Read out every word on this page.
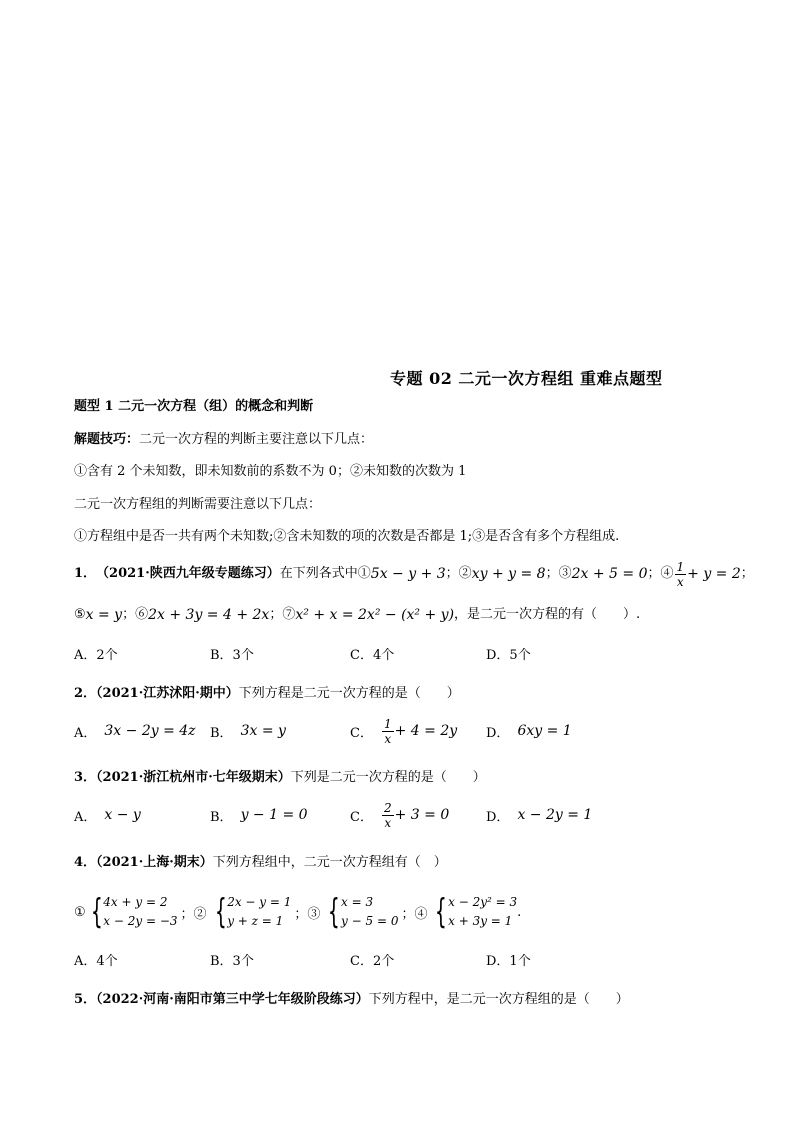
专题 02 二元一次方程组 重难点题型
题型 1 二元一次方程（组）的概念和判断
解题技巧：二元一次方程的判断主要注意以下几点：
①含有 2 个未知数，即未知数前的系数不为 0；②未知数的次数为 1
二元一次方程组的判断需要注意以下几点：
①方程组中是否一共有两个未知数;②含未知数的项的次数是否都是 1;③是否含有多个方程组成.
1． （2021·陕西九年级专题练习） 在下列各式中① 5x − y + 3 ；② xy + y = 8 ；③ 2x + 5 = 0 ；④ $\frac{1}{x} + y = 2$ ；
⑤ x = y ；⑥ 2x + 3y = 4 + 2x ；⑦ x² + x = 2x² − (x² + y) ，是二元一次方程的有（　　）.
A．2个	B．3个	C．4个	D．5个
2．（2021·江苏沭阳·期中）下列方程是二元一次方程的是（　　）
A． 3x − 2y = 4z B． 3x = y	C． $\frac{1}{x} + 4 = 2y$ D． 6xy = 1
3．（2021·浙江杭州市·七年级期末）下列是二元一次方程的是（　　）
A． x − y	B． y − 1 = 0	C． $\frac{2}{x} + 3 = 0$	D． x − 2y = 1
4．（2021·上海·期末）下列方程组中，二元一次方程组有（　）
① { 4x + y = 2
x − 2y = −3 ；② { 2x − y = 1
y + z = 1 ；③ { x = 3
y − 5 = 0 ；④ { x − 2y² = 3
x + 3y = 1
.
A．4个	B．3个	C．2个	D．1个
5．（2022·河南·南阳市第三中学七年级阶段练习）下列方程中，是二元一次方程组的是（　　）
